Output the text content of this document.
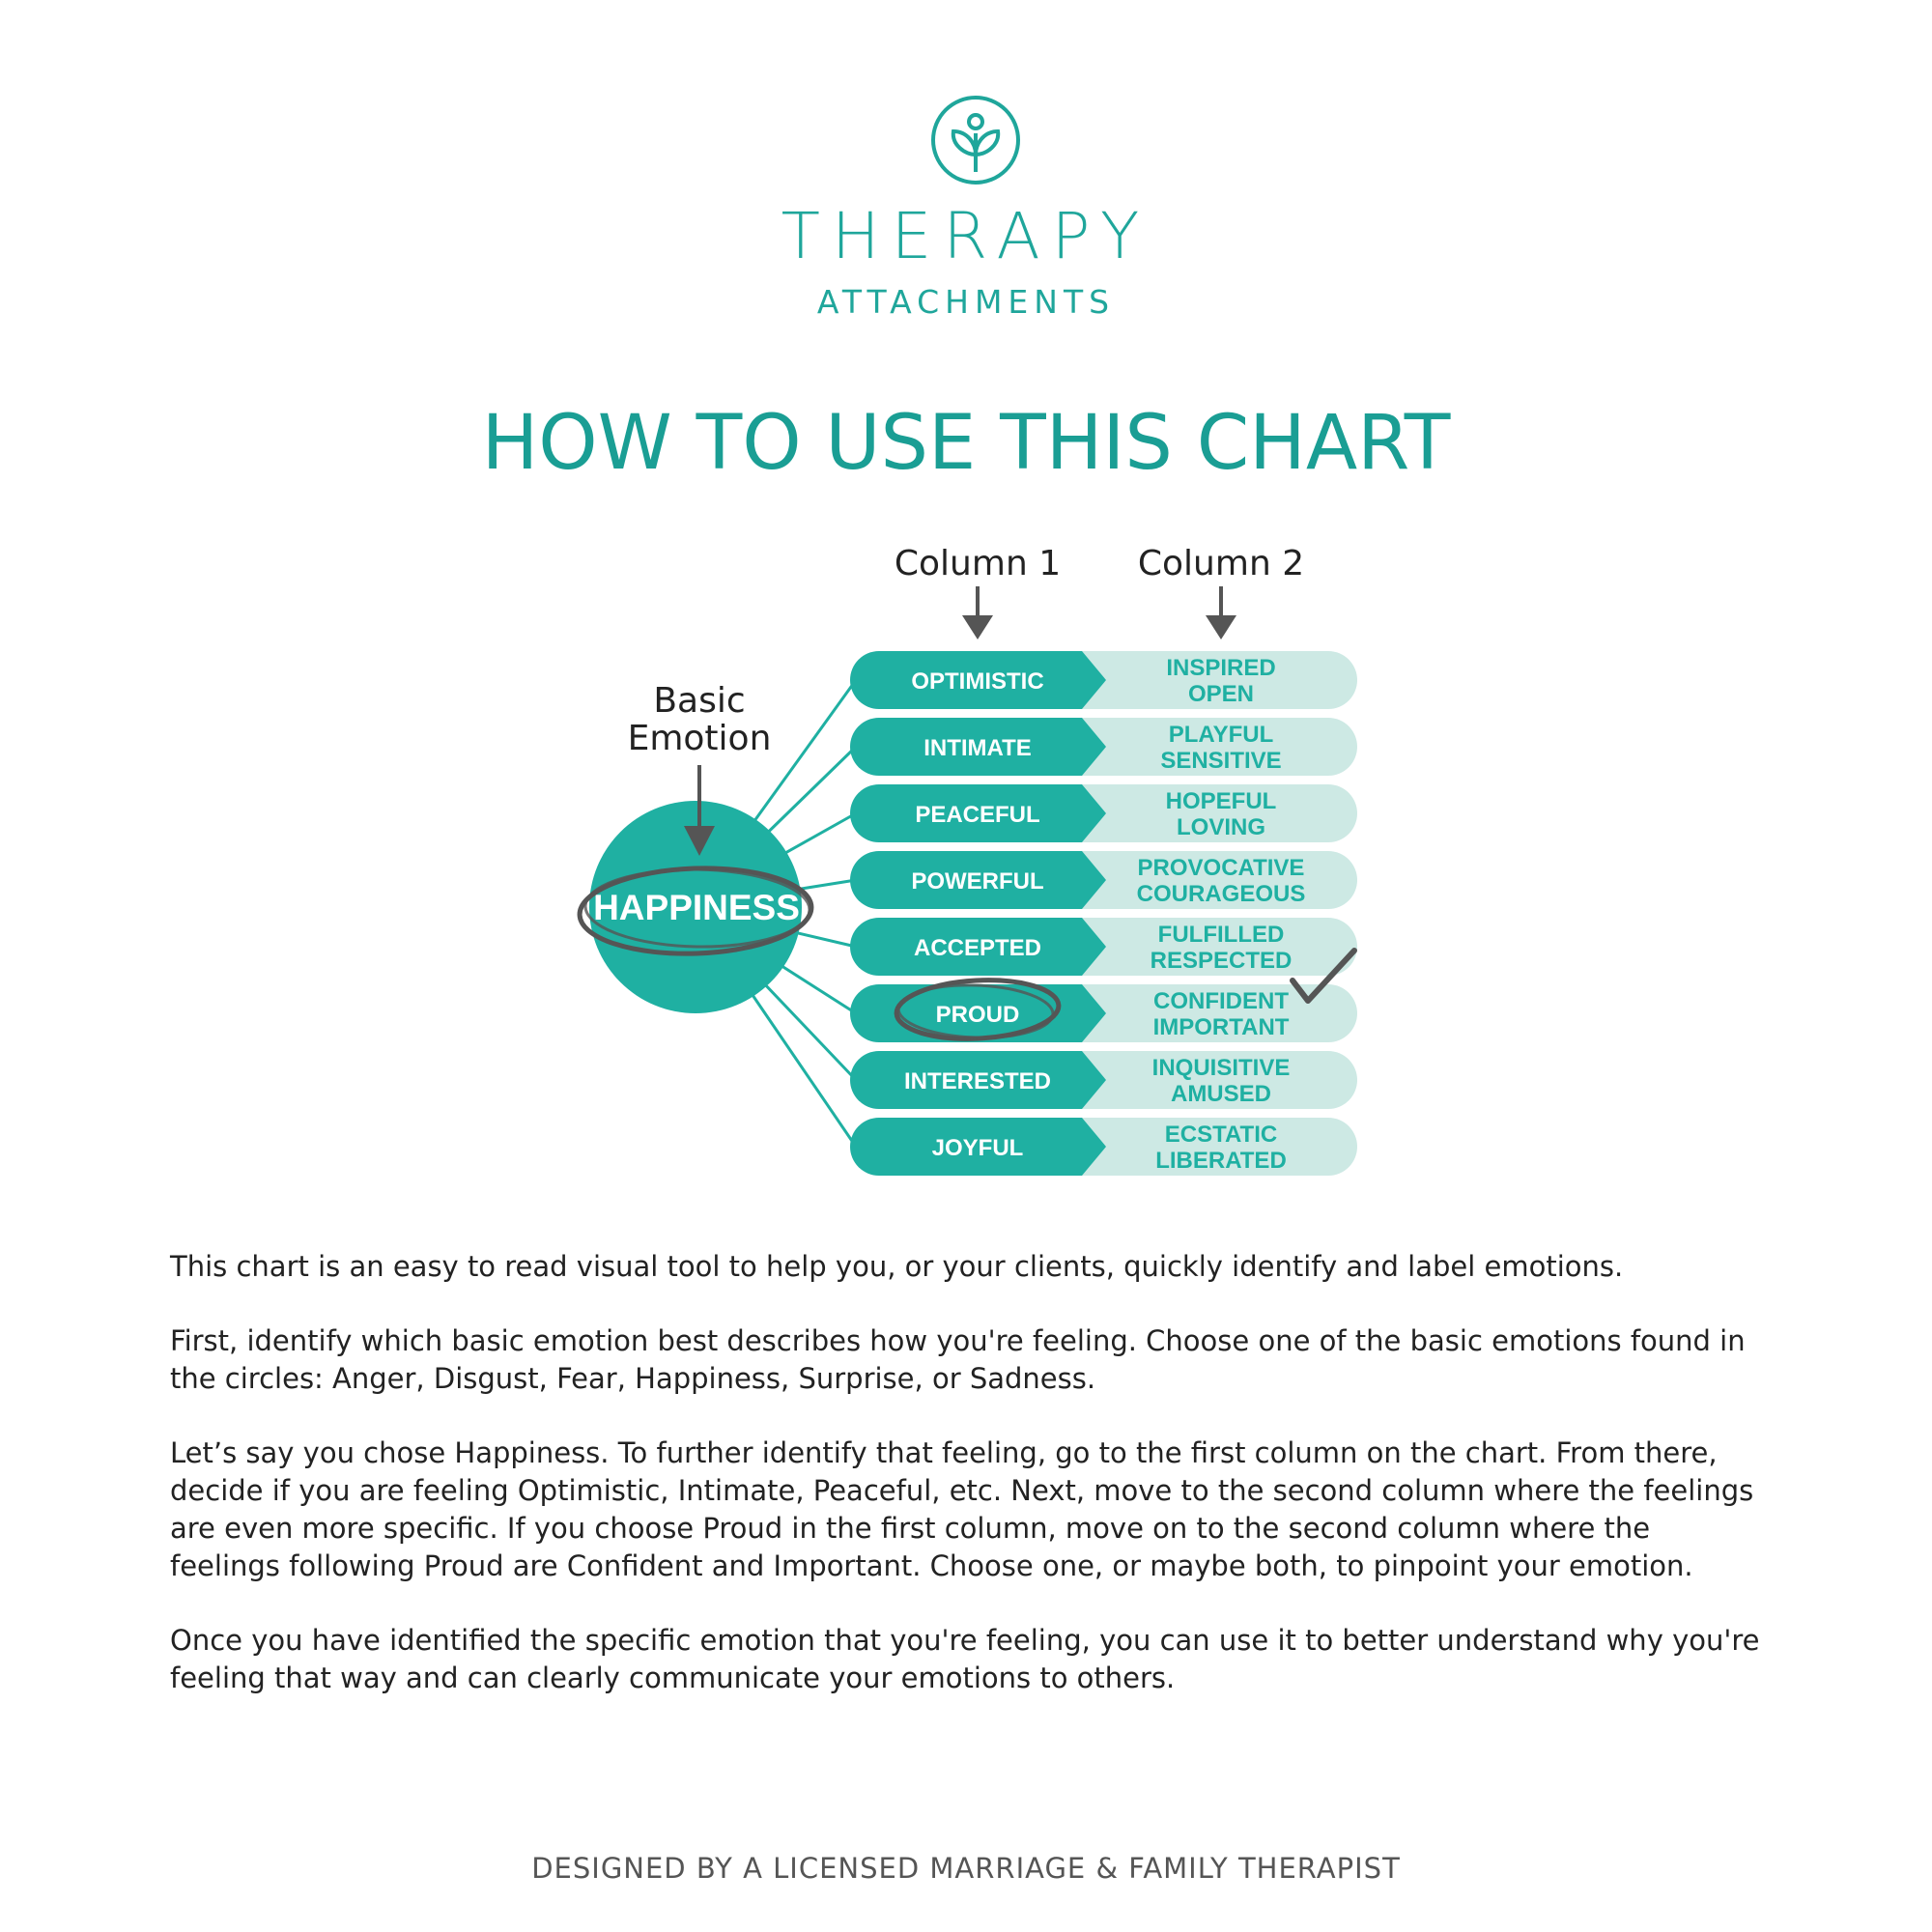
THERAPY
ATTACHMENTS
HOW TO USE THIS CHART
Column 1 Column 2
Basic
Emotion
HAPPINESS
OPTIMISTIC
INSPIRED
OPEN
INTIMATE
PLAYFUL
SENSITIVE
PEACEFUL
HOPEFUL
LOVING
POWERFUL
PROVOCATIVE
COURAGEOUS
ACCEPTED
FULFILLED
RESPECTED
PROUD
CONFIDENT
IMPORTANT
INTERESTED
INQUISITIVE
AMUSED
JOYFUL
ECSTATIC
LIBERATED

This chart is an easy to read visual tool to help you, or your clients, quickly identify and label emotions.

First, identify which basic emotion best describes how you're feeling. Choose one of the basic emotions found in the circles: Anger, Disgust, Fear, Happiness, Surprise, or Sadness.

Let’s say you chose Happiness. To further identify that feeling, go to the first column on the chart. From there, decide if you are feeling Optimistic, Intimate, Peaceful, etc. Next, move to the second column where the feelings are even more specific. If you choose Proud in the first column, move on to the second column where the feelings following Proud are Confident and Important. Choose one, or maybe both, to pinpoint your emotion.

Once you have identified the specific emotion that you're feeling, you can use it to better understand why you're feeling that way and can clearly communicate your emotions to others.

DESIGNED BY A LICENSED MARRIAGE & FAMILY THERAPIST
